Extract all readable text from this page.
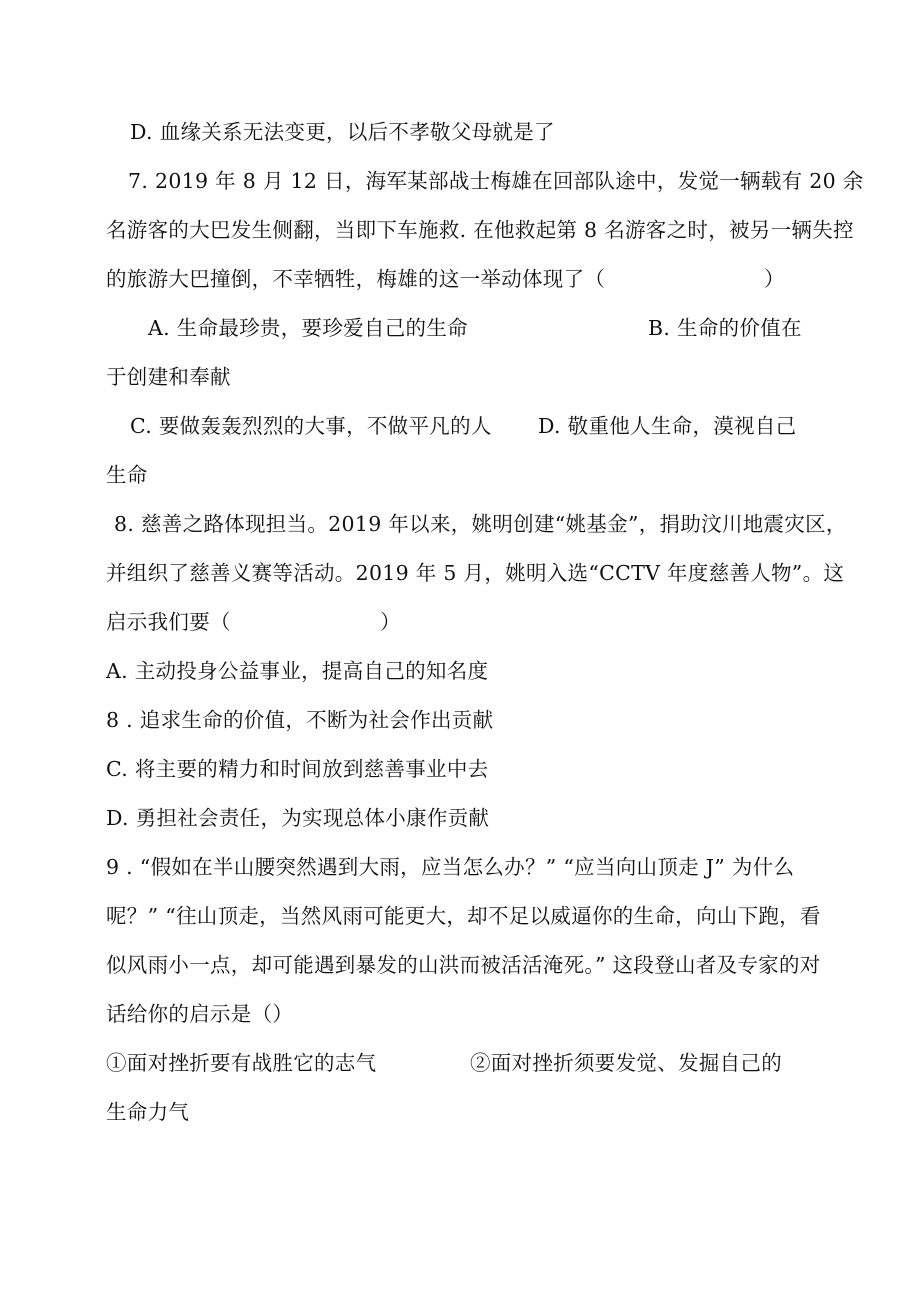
D. 血缘关系无法变更，以后不孝敬父母就是了
7. 2019 年 8 月 12 日，海军某部战士梅雄在回部队途中，发觉一辆载有 20 余
名游客的大巴发生侧翻，当即下车施救. 在他救起第 8 名游客之时，被另一辆失控
的旅游大巴撞倒，不幸牺牲，梅雄的这一举动体现了（	）
A. 生命最珍贵，要珍爱自己的生命	B. 生命的价值在
于创建和奉献
C. 要做轰轰烈烈的大事，不做平凡的人 D. 敬重他人生命，漠视自己
生命
8. 慈善之路体现担当。2019 年以来，姚明创建“姚基金”，捐助汶川地震灾区，
并组织了慈善义赛等活动。2019 年 5 月，姚明入选“CCTV 年度慈善人物”。这
启示我们要（	）
A. 主动投身公益事业，提高自己的知名度
8 . 追求生命的价值，不断为社会作出贡献
C. 将主要的精力和时间放到慈善事业中去
D. 勇担社会责任，为实现总体小康作贡献
9 . “假如在半山腰突然遇到大雨，应当怎么办？” “应当向山顶走 J” 为什么
呢？” “往山顶走，当然风雨可能更大，却不足以威逼你的生命，向山下跑，看
似风雨小一点，却可能遇到暴发的山洪而被活活淹死。” 这段登山者及专家的对
话给你的启示是（）
①面对挫折要有战胜它的志气	②面对挫折须要发觉、发掘自己的
生命力气
